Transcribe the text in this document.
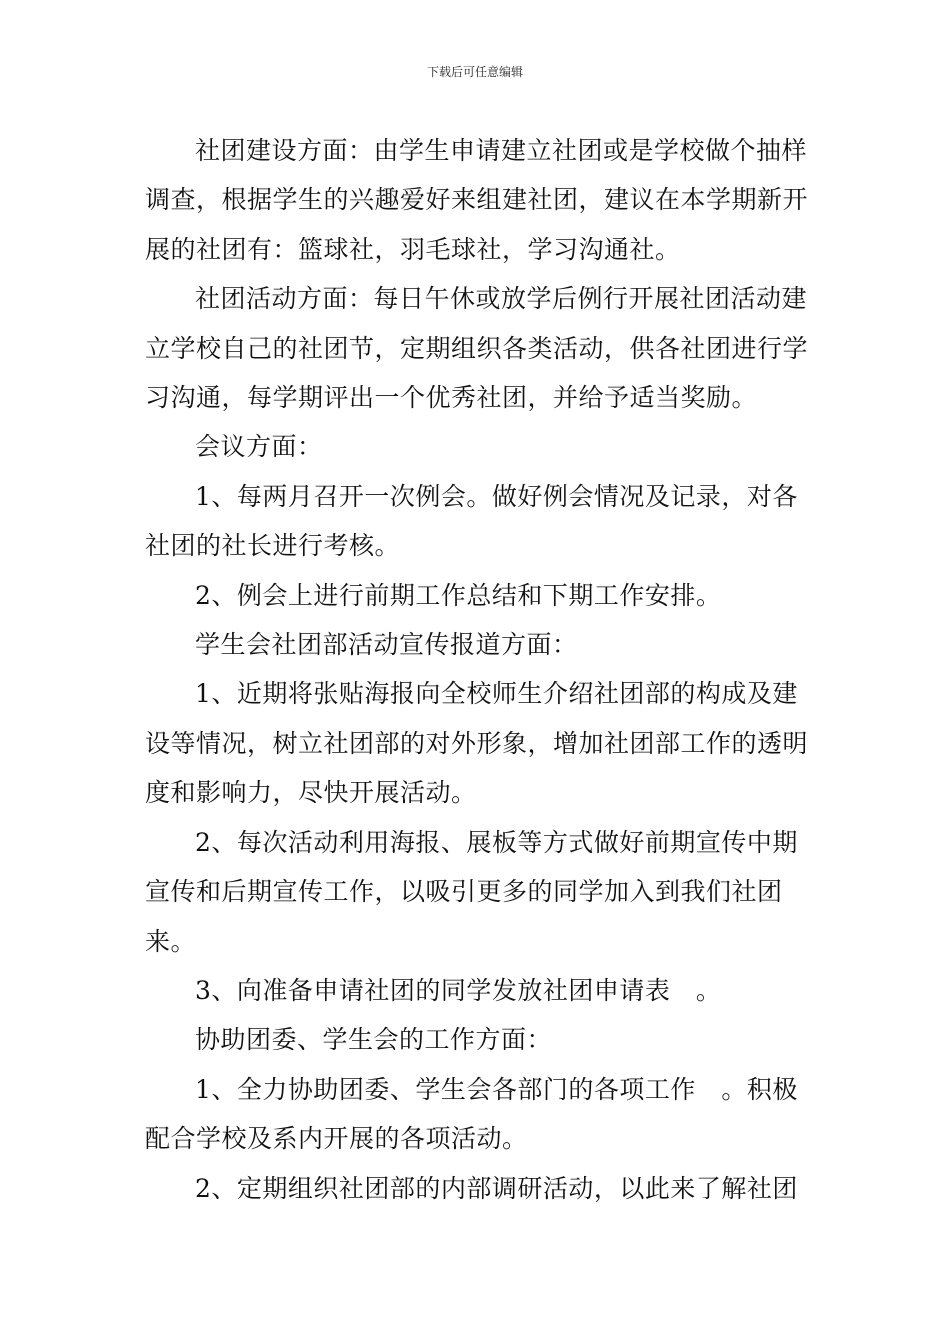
下载后可任意编辑

社团建设方面：由学生申请建立社团或是学校做个抽样调查，根据学生的兴趣爱好来组建社团，建议在本学期新开展的社团有：篮球社，羽毛球社，学习沟通社。

社团活动方面：每日午休或放学后例行开展社团活动建立学校自己的社团节，定期组织各类活动，供各社团进行学习沟通，每学期评出一个优秀社团，并给予适当奖励。

会议方面：

1、每两月召开一次例会。做好例会情况及记录，对各社团的社长进行考核。

2、例会上进行前期工作总结和下期工作安排。

学生会社团部活动宣传报道方面：

1、近期将张贴海报向全校师生介绍社团部的构成及建设等情况，树立社团部的对外形象，增加社团部工作的透明度和影响力，尽快开展活动。

2、每次活动利用海报、展板等方式做好前期宣传中期宣传和后期宣传工作，以吸引更多的同学加入到我们社团来。

3、向准备申请社团的同学发放社团申请表　。

协助团委、学生会的工作方面：

1、全力协助团委、学生会各部门的各项工作　。积极配合学校及系内开展的各项活动。

2、定期组织社团部的内部调研活动，以此来了解社团
